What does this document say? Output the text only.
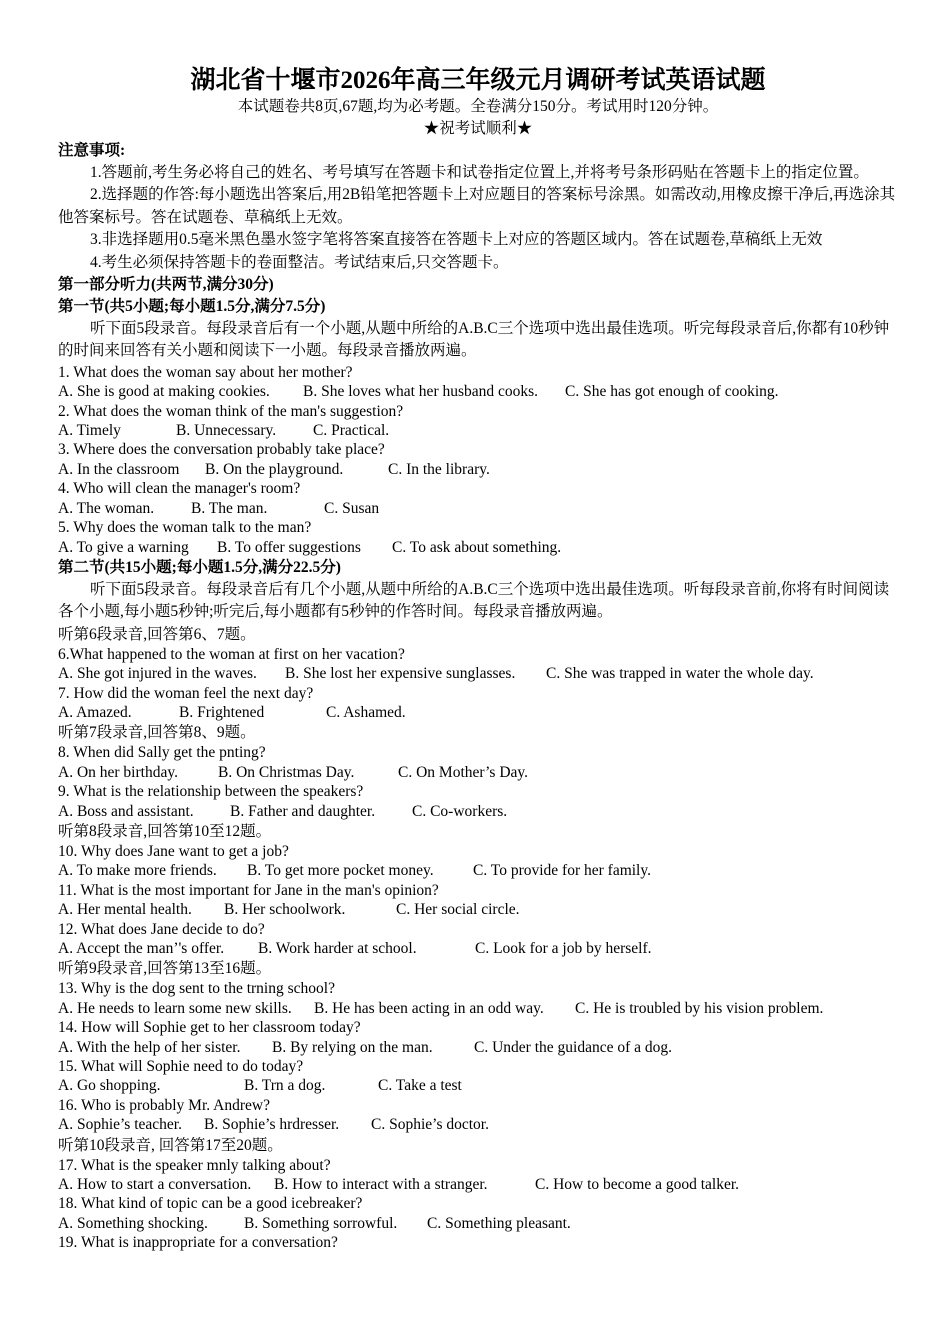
湖北省十堰市2026年高三年级元月调研考试英语试题
本试题卷共8页,67题,均为必考题。全卷满分150分。考试用时120分钟。
★祝考试顺利★
注意事项:
1.答题前,考生务必将自己的姓名、考号填写在答题卡和试卷指定位置上,并将考号条形码贴在答题卡上的指定位置。
2.选择题的作答:每小题选出答案后,用2B铅笔把答题卡上对应题目的答案标号涂黑。如需改动,用橡皮擦干净后,再选涂其他答案标号。答在试题卷、草稿纸上无效。
3.非选择题用0.5毫米黑色墨水签字笔将答案直接答在答题卡上对应的答题区域内。答在试题卷,草稿纸上无效
4.考生必须保持答题卡的卷面整洁。考试结束后,只交答题卡。
第一部分听力(共两节,满分30分)
第一节(共5小题;每小题1.5分,满分7.5分)
听下面5段录音。每段录音后有一个小题,从题中所给的A.B.C三个选项中选出最佳选项。听完每段录音后,你都有10秒钟的时间来回答有关小题和阅读下一小题。每段录音播放两遍。
1. What does the woman say about her mother?
A. She is good at making cookies. B. She loves what her husband cooks. C. She has got enough of cooking.
2. What does the woman think of the man's suggestion?
A. Timely	B. Unnecessary. C. Practical.
3. Where does the conversation probably take place?
A. In the classroom B. On the playground.	C. In the library.
4. Who will clean the manager's room?
A. The woman. B. The man.	C. Susan
5. Why does the woman talk to the man?
A. To give a warning B. To offer suggestions C. To ask about something.
第二节(共15小题;每小题1.5分,满分22.5分)
听下面5段录音。每段录音后有几个小题,从题中所给的A.B.C三个选项中选出最佳选项。听每段录音前,你将有时间阅读各个小题,每小题5秒钟;听完后,每小题都有5秒钟的作答时间。每段录音播放两遍。
听第6段录音,回答第6、7题。
6.What happened to the woman at first on her vacation?
A. She got injured in the waves. B. She lost her expensive sunglasses. C. She was trapped in water the whole day.
7. How did the woman feel the next day?
A. Amazed.	B. Frightened	C. Ashamed.
听第7段录音,回答第8、9题。
8. When did Sally get the pnting?
A. On her birthday.	B. On Christmas Day.	C. On Mother’s Day.
9. What is the relationship between the speakers?
A. Boss and assistant. B. Father and daughter. C. Co-workers.
听第8段录音,回答第10至12题。
10. Why does Jane want to get a job?
A. To make more friends. B. To get more pocket money.	C. To provide for her family.
11. What is the most important for Jane in the man's opinion?
A. Her mental health. B. Her schoolwork.	C. Her social circle.
12. What does Jane decide to do?
A. Accept the man’'s offer. B. Work harder at school.	C. Look for a job by herself.
听第9段录音,回答第13至16题。
13. Why is the dog sent to the trning school?
A. He needs to learn some new skills. B. He has been acting in an odd way. C. He is troubled by his vision problem.
14. How will Sophie get to her classroom today?
A. With the help of her sister. B. By relying on the man.	C. Under the guidance of a dog.
15. What will Sophie need to do today?
A. Go shopping.	B. Trn a dog.	C. Take a test
16. Who is probably Mr. Andrew?
A. Sophie’s teacher. B. Sophie’s hrdresser. C. Sophie’s doctor.
听第10段录音, 回答第17至20题。
17. What is the speaker mnly talking about?
A. How to start a conversation. B. How to interact with a stranger.	C. How to become a good talker.
18. What kind of topic can be a good icebreaker?
A. Something shocking. B. Something sorrowful. C. Something pleasant.
19. What is inappropriate for a conversation?
